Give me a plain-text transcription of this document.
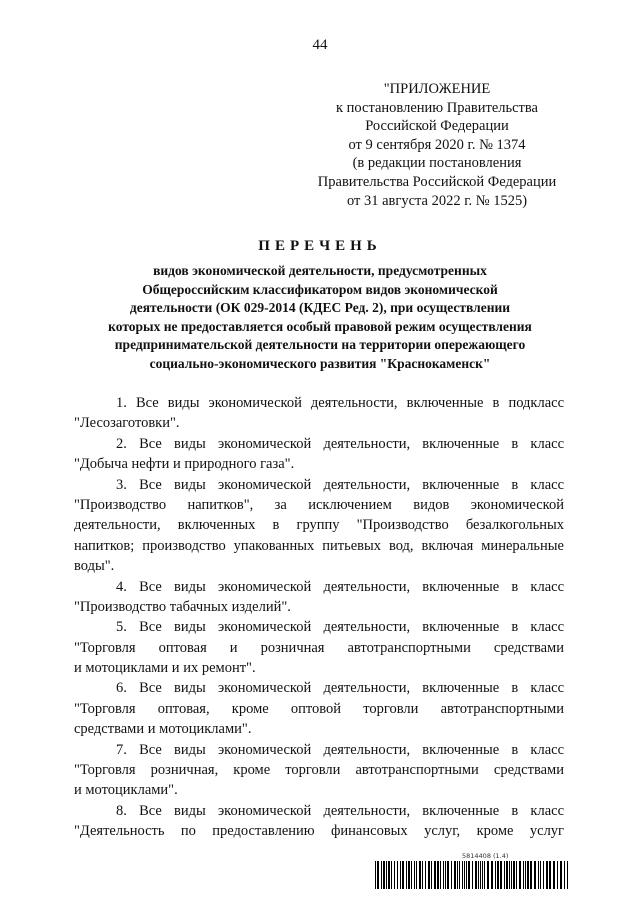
44
"ПРИЛОЖЕНИЕ
к постановлению Правительства
Российской Федерации
от 9 сентября 2020 г. № 1374
(в редакции постановления
Правительства Российской Федерации
от 31 августа 2022 г. № 1525)
ПЕРЕЧЕНЬ
видов экономической деятельности, предусмотренных
Общероссийским классификатором видов экономической
деятельности (ОК 029-2014 (КДЕС Ред. 2), при осуществлении
которых не предоставляется особый правовой режим осуществления
предпринимательской деятельности на территории опережающего
социально-экономического развития "Краснокаменск"
1. Все виды экономической деятельности, включенные в подкласс
"Лесозаготовки".
2. Все виды экономической деятельности, включенные в класс
"Добыча нефти и природного газа".
3. Все виды экономической деятельности, включенные в класс
"Производство напитков", за исключением видов экономической
деятельности, включенных в группу "Производство безалкогольных
напитков; производство упакованных питьевых вод, включая минеральные
воды".
4. Все виды экономической деятельности, включенные в класс
"Производство табачных изделий".
5. Все виды экономической деятельности, включенные в класс
"Торговля оптовая и розничная автотранспортными средствами
и мотоциклами и их ремонт".
6. Все виды экономической деятельности, включенные в класс
"Торговля оптовая, кроме оптовой торговли автотранспортными
средствами и мотоциклами".
7. Все виды экономической деятельности, включенные в класс
"Торговля розничная, кроме торговли автотранспортными средствами
и мотоциклами".
8. Все виды экономической деятельности, включенные в класс
"Деятельность по предоставлению финансовых услуг, кроме услуг
5814408 (1.4)
